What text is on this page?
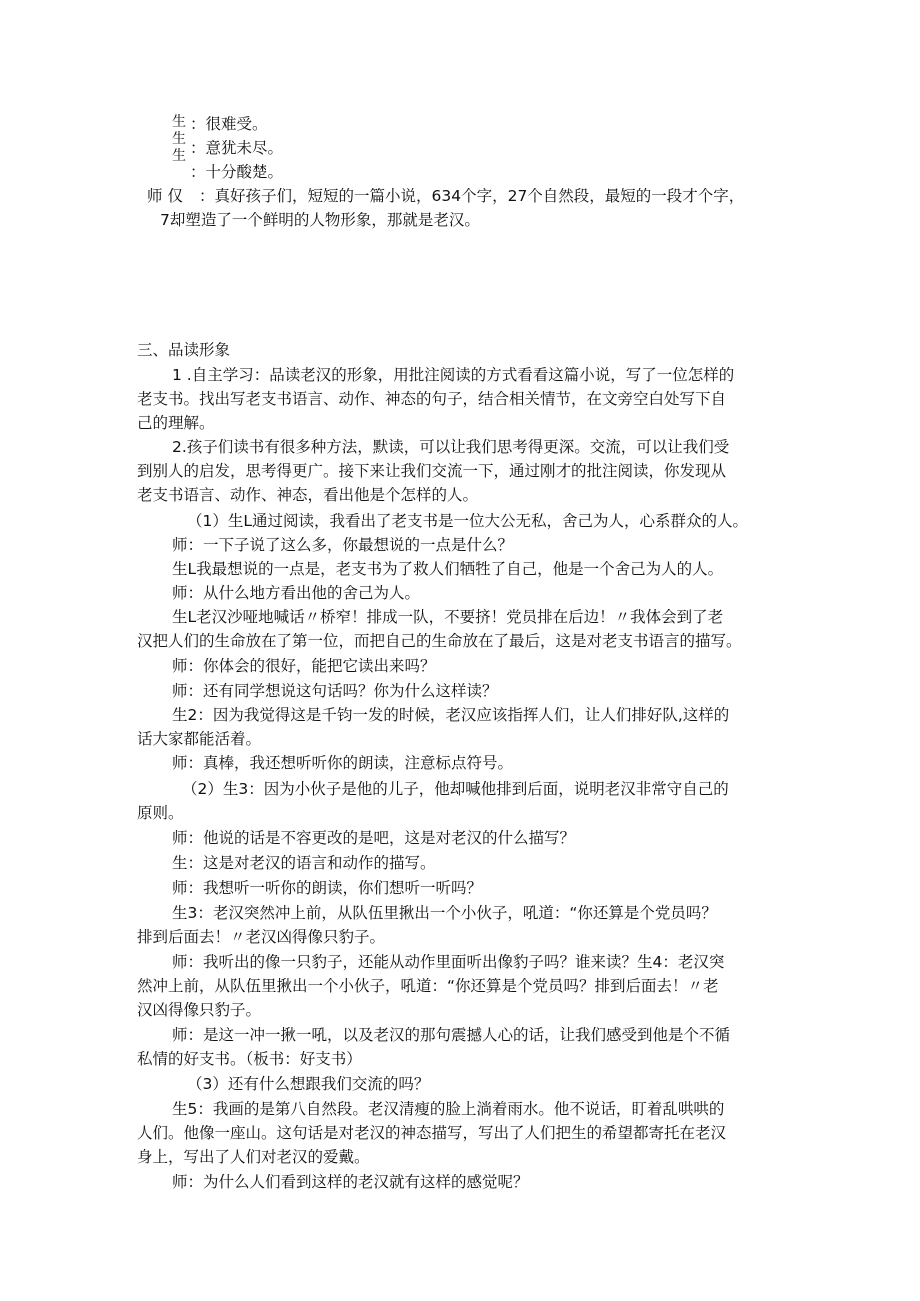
生
生
生
：很难受。
：意犹未尽。
：十分酸楚。
师 仅 ：真好孩子们，短短的一篇小说，634个字，27个自然段，最短的一段才个字，
7却塑造了一个鲜明的人物形象，那就是老汉。
三、品读形象
1 .自主学习：品读老汉的形象，用批注阅读的方式看看这篇小说，写了一位怎样的
老支书。找出写老支书语言、动作、神态的句子，结合相关情节，在文旁空白处写下自
己的理解。
2.孩子们读书有很多种方法，默读，可以让我们思考得更深。交流，可以让我们受
到别人的启发，思考得更广。接下来让我们交流一下，通过刚才的批注阅读，你发现从
老支书语言、动作、神态，看出他是个怎样的人。
（1）生L通过阅读，我看出了老支书是一位大公无私，舍己为人，心系群众的人。
师：一下子说了这么多，你最想说的一点是什么？
生L我最想说的一点是，老支书为了救人们牺牲了自己，他是一个舍己为人的人。
师：从什么地方看出他的舍己为人。
生L老汉沙哑地喊话〃桥窄！排成一队，不要挤！党员排在后边！〃我体会到了老
汉把人们的生命放在了第一位，而把自己的生命放在了最后，这是对老支书语言的描写。
师：你体会的很好，能把它读出来吗？
师：还有同学想说这句话吗？你为什么这样读？
生2：因为我觉得这是千钧一发的时候，老汉应该指挥人们，让人们排好队,这样的
话大家都能活着。
师：真棒，我还想听听你的朗读，注意标点符号。
（2）生3：因为小伙子是他的儿子，他却喊他排到后面，说明老汉非常守自己的
原则。
师：他说的话是不容更改的是吧，这是对老汉的什么描写？
生：这是对老汉的语言和动作的描写。
师：我想听一听你的朗读，你们想听一听吗？
生3：老汉突然冲上前，从队伍里揪出一个小伙子，吼道：“你还算是个党员吗？
排到后面去！〃老汉凶得像只豹子。
师：我听出的像一只豹子，还能从动作里面听出像豹子吗？谁来读？生4：老汉突
然冲上前，从队伍里揪出一个小伙子，吼道：“你还算是个党员吗？排到后面去！〃老
汉凶得像只豹子。
师：是这一冲一揪一吼，以及老汉的那句震撼人心的话，让我们感受到他是个不循
私情的好支书。（板书：好支书）
（3）还有什么想跟我们交流的吗？
生5：我画的是第八自然段。老汉清瘦的脸上淌着雨水。他不说话，盯着乱哄哄的
人们。他像一座山。这句话是对老汉的神态描写，写出了人们把生的希望都寄托在老汉
身上，写出了人们对老汉的爱戴。
师：为什么人们看到这样的老汉就有这样的感觉呢？
